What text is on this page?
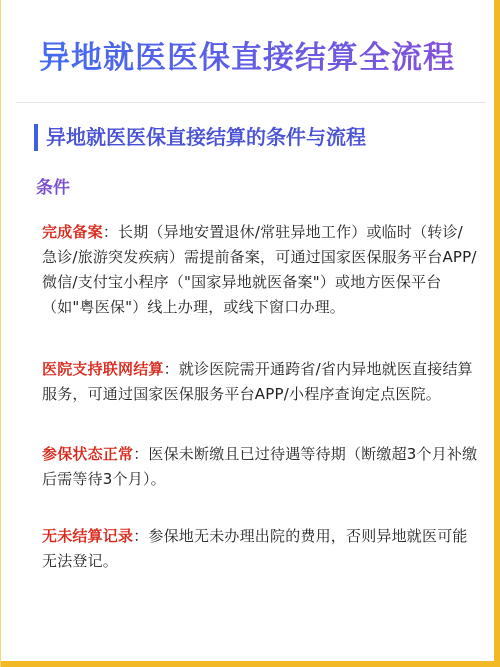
异地就医医保直接结算全流程
异地就医医保直接结算的条件与流程
条件
完成备案：长期（异地安置退休/常驻异地工作）或临时（转诊/急诊/旅游突发疾病）需提前备案，可通过国家医保服务平台APP/微信/支付宝小程序（"国家异地就医备案"）或地方医保平台（如"粤医保"）线上办理，或线下窗口办理。
医院支持联网结算：就诊医院需开通跨省/省内异地就医直接结算服务，可通过国家医保服务平台APP/小程序查询定点医院。
参保状态正常：医保未断缴且已过待遇等待期（断缴超3个月补缴后需等待3个月）。
无未结算记录：参保地无未办理出院的费用，否则异地就医可能无法登记。
